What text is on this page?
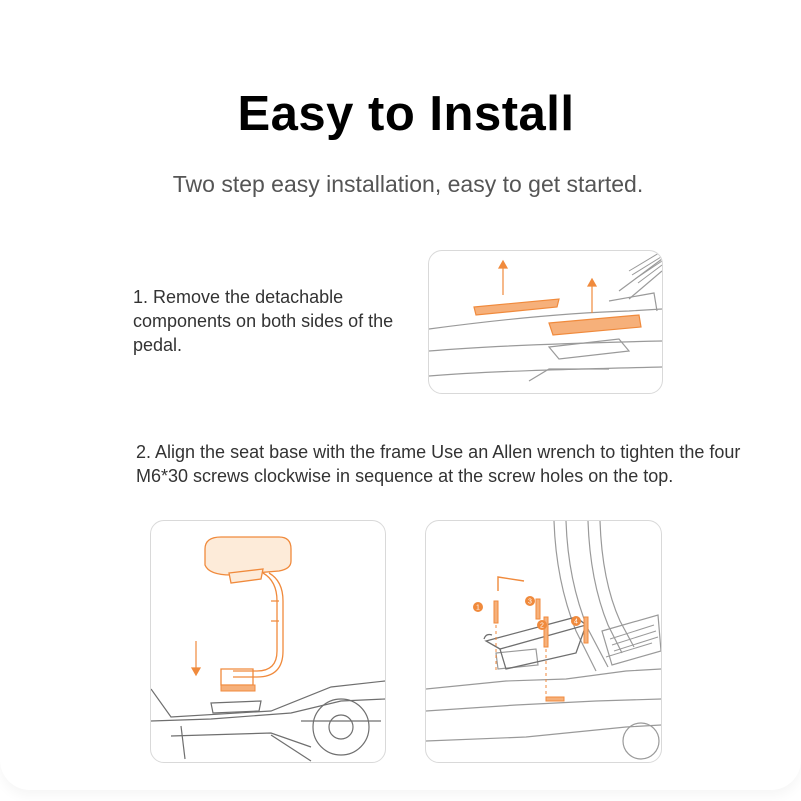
Easy to Install
Two step easy installation, easy to get started.
1. Remove the detachable components on both sides of the pedal.
2. Align the seat base with the frame Use an Allen wrench to tighten the four M6*30 screws clockwise in sequence at the screw holes on the top.
1
2
3
4
